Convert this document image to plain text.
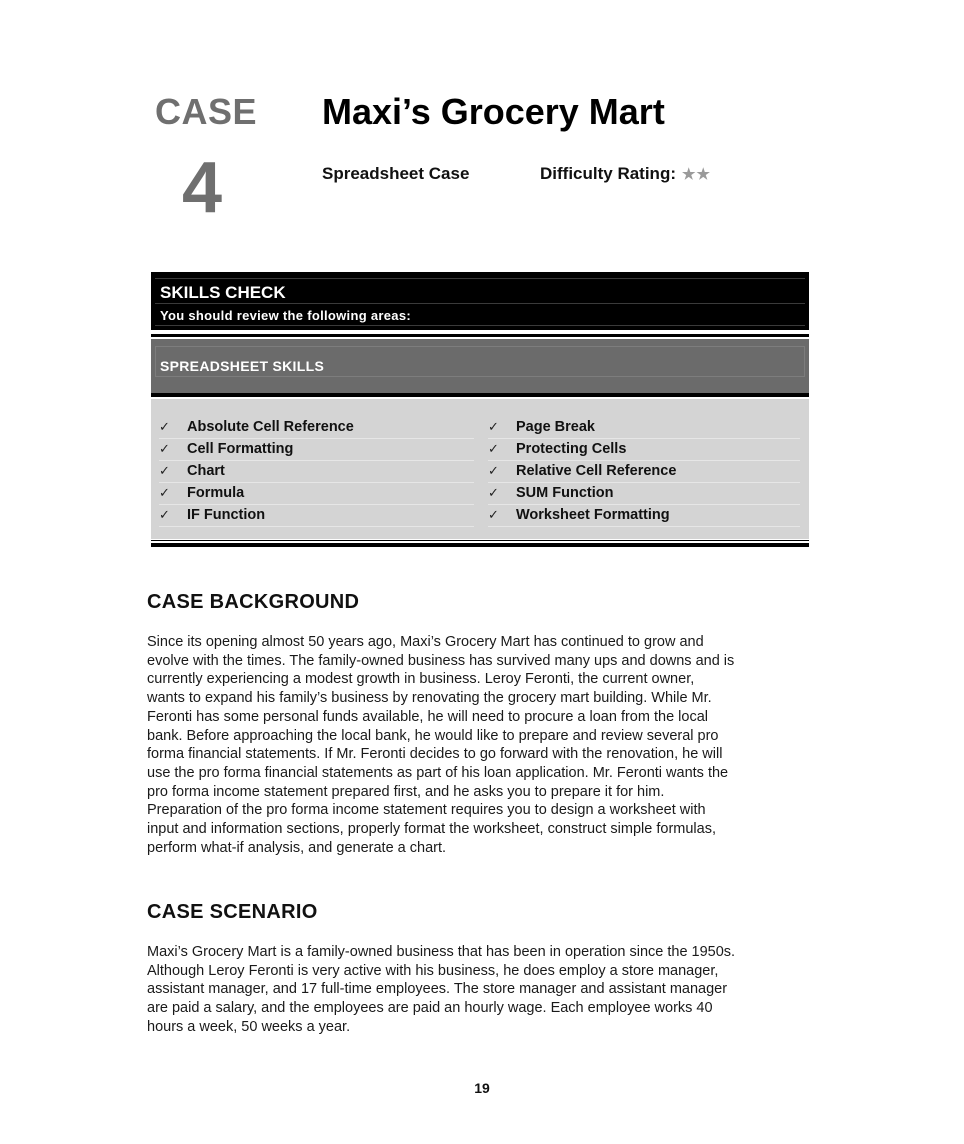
CASE
4
Maxi’s Grocery Mart
Spreadsheet Case	Difficulty Rating: ★★
SKILLS CHECK
You should review the following areas:
SPREADSHEET SKILLS
✓ Absolute Cell Reference
✓ Cell Formatting
✓ Chart
✓ Formula
✓ IF Function
✓ Page Break
✓ Protecting Cells
✓ Relative Cell Reference
✓ SUM Function
✓ Worksheet Formatting
CASE BACKGROUND
Since its opening almost 50 years ago, Maxi’s Grocery Mart has continued to grow and
evolve with the times. The family-owned business has survived many ups and downs and is
currently experiencing a modest growth in business. Leroy Feronti, the current owner,
wants to expand his family’s business by renovating the grocery mart building. While Mr.
Feronti has some personal funds available, he will need to procure a loan from the local
bank. Before approaching the local bank, he would like to prepare and review several pro
forma financial statements. If Mr. Feronti decides to go forward with the renovation, he will
use the pro forma financial statements as part of his loan application. Mr. Feronti wants the
pro forma income statement prepared first, and he asks you to prepare it for him.
Preparation of the pro forma income statement requires you to design a worksheet with
input and information sections, properly format the worksheet, construct simple formulas,
perform what-if analysis, and generate a chart.
CASE SCENARIO
Maxi’s Grocery Mart is a family-owned business that has been in operation since the 1950s.
Although Leroy Feronti is very active with his business, he does employ a store manager,
assistant manager, and 17 full-time employees. The store manager and assistant manager
are paid a salary, and the employees are paid an hourly wage. Each employee works 40
hours a week, 50 weeks a year.
19
